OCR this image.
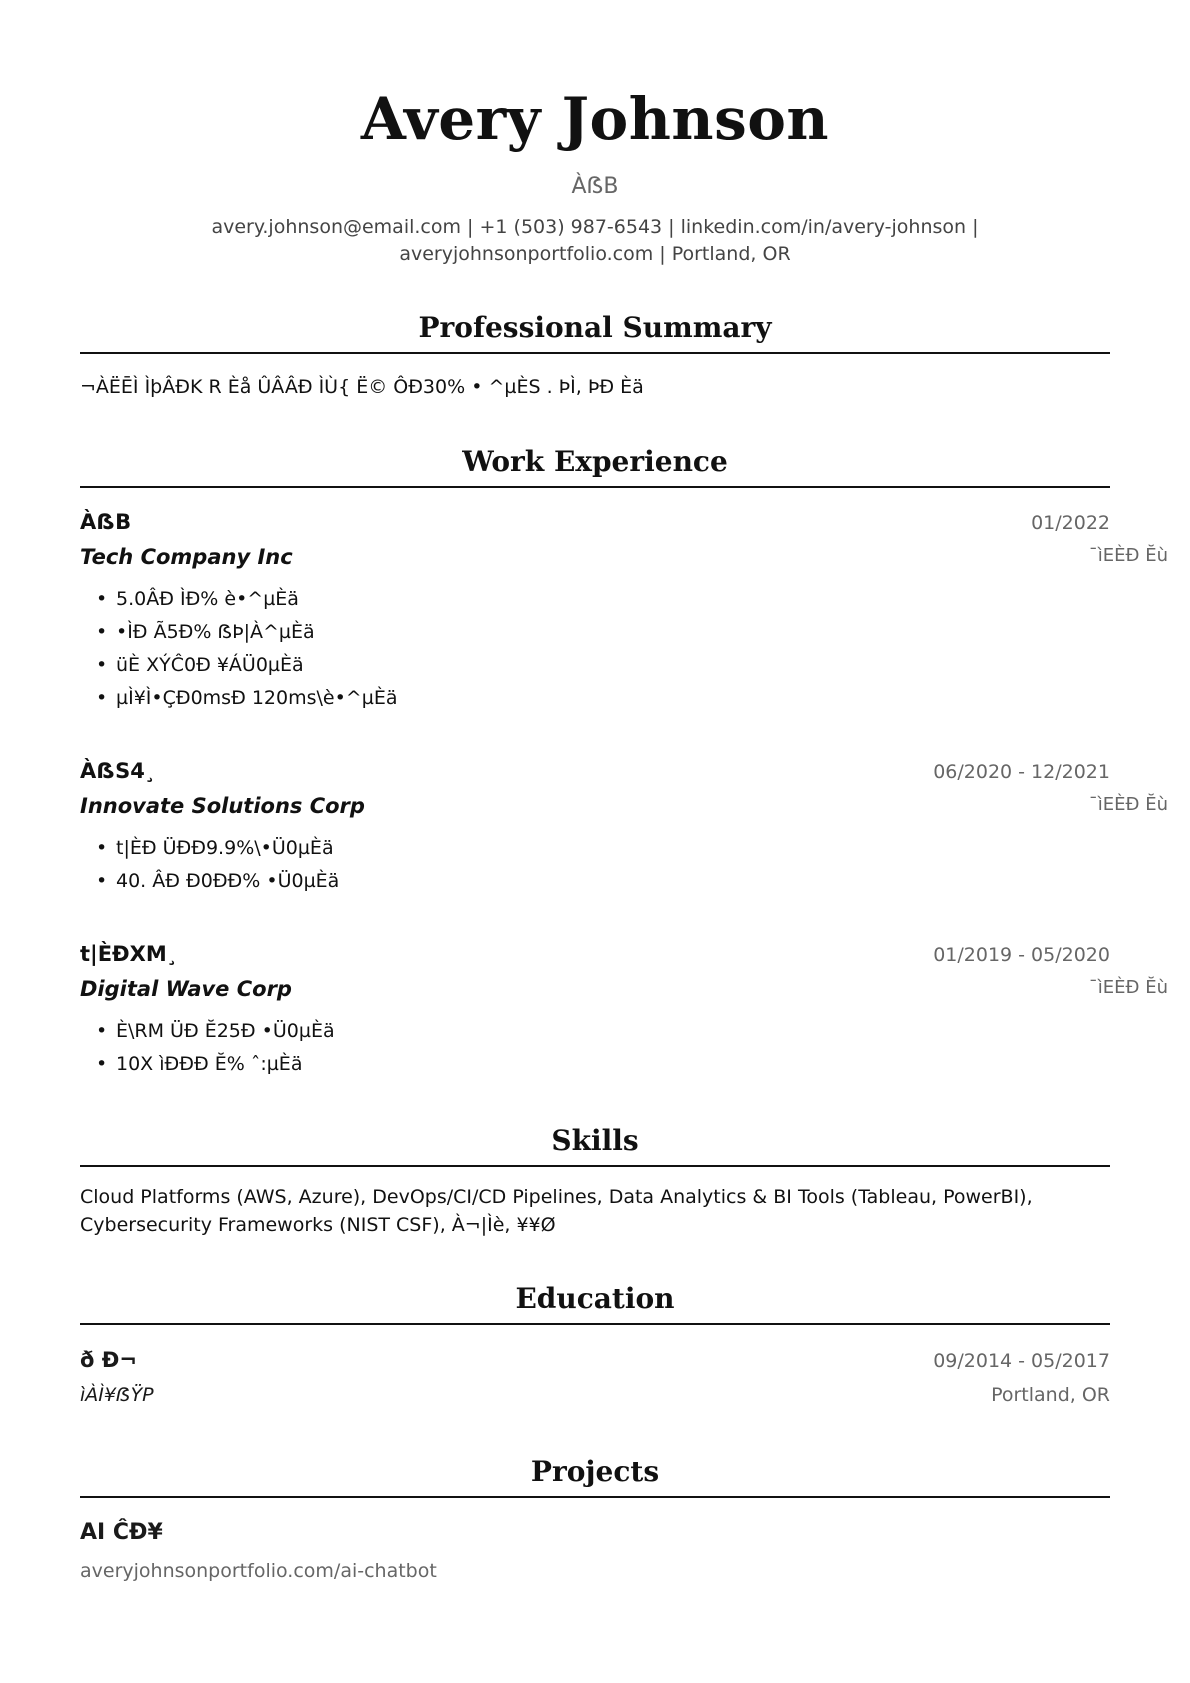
Avery Johnson
ÀẞB
avery.johnson@email.com | +1 (503) 987-6543 | linkedin.com/in/avery-johnson | averyjohnsonportfolio.com | Portland, OR
Professional Summary
¬ÀËĒÌ ÌþÂĐK R Èå ÛÂÂĐ ÌÙ{ Ë© ÔĐ30% • ^µÈS . ÞÌ, ÞĐ Èä
Work Experience
ÀẞB	01/2022
Tech Company Inc	¯ìEÈÐ Ĕù
• 5.0ÂĐ ÌÐ% è•^µÈä
• •ÌĐ Ã5Ð% ẞÞ|À^µÈä
• üÈ XÝĈ0Ð ¥ÁÜ0µÈä
• µÌ¥Ì•ÇĐ0msĐ 120ms\è•^µÈä
ÀẞS4¸	06/2020 - 12/2021
Innovate Solutions Corp	¯ìEÈÐ Ĕù
• t|ÈĐ ÜĐĐ9.9%\•Ü0µÈä
• 40. ÂĐ Ð0ĐĐ% •Ü0µÈä
t|ÈĐXM¸	01/2019 - 05/2020
Digital Wave Corp	¯ìEÈÐ Ĕù
• È\RM ÜĐ Ĕ25Ð •Ü0µÈä
• 10X ìĐĐĐ Ĕ% ˆ:µÈä
Skills
Cloud Platforms (AWS, Azure), DevOps/CI/CD Pipelines, Data Analytics & BI Tools (Tableau, PowerBI), Cybersecurity Frameworks (NIST CSF), À¬|Ìè, ¥¥Ø
Education
ð Đ¬	09/2014 - 05/2017
ìÀÌ¥ẞŸP	Portland, OR
Projects
AI ĈĐ¥
averyjohnsonportfolio.com/ai-chatbot
